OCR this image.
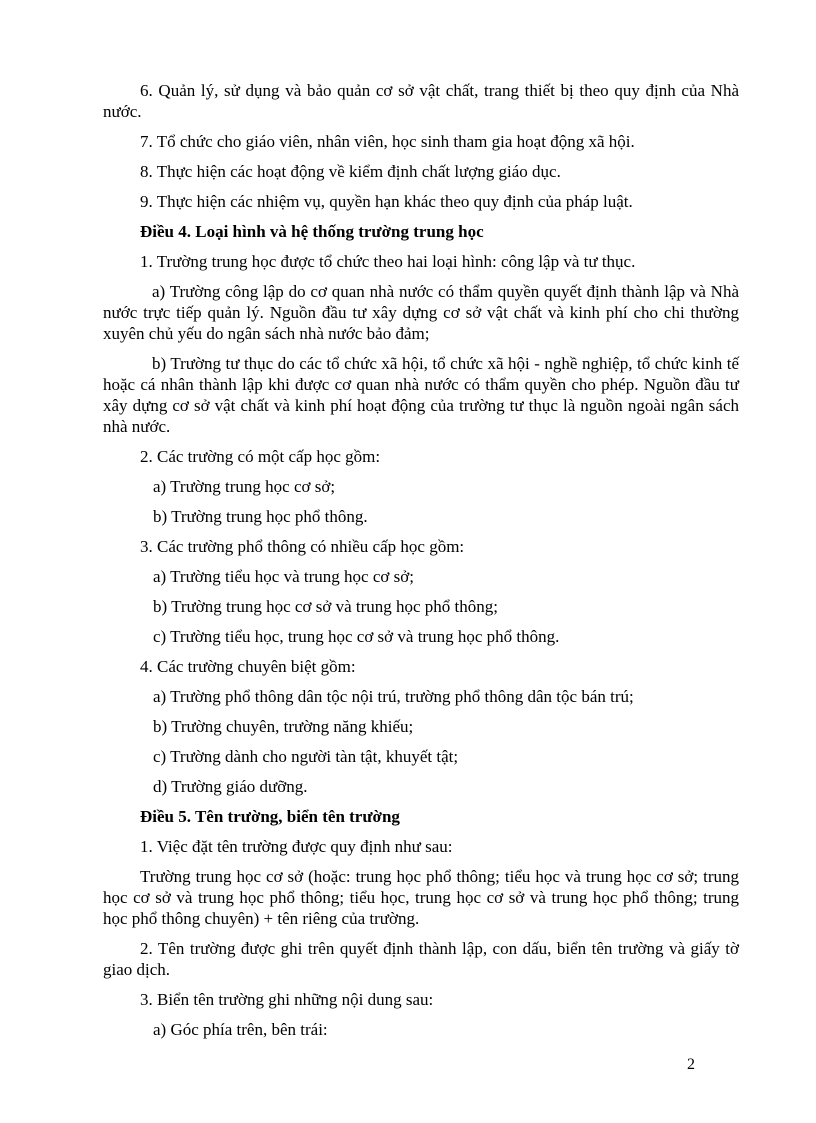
6. Quản lý, sử dụng và bảo quản cơ sở vật chất, trang thiết bị theo quy định của Nhà nước.

7. Tổ chức cho giáo viên, nhân viên, học sinh tham gia hoạt động xã hội.

8. Thực hiện các hoạt động về kiểm định chất lượng giáo dục.

9. Thực hiện các nhiệm vụ, quyền hạn khác theo quy định của pháp luật.

Điều 4. Loại hình và hệ thống trường trung học

1. Trường trung học được tổ chức theo hai loại hình: công lập và tư thục.

a) Trường công lập do cơ quan nhà nước có thẩm quyền quyết định thành lập và Nhà nước trực tiếp quản lý. Nguồn đầu tư xây dựng cơ sở vật chất và kinh phí cho chi thường xuyên chủ yếu do ngân sách nhà nước bảo đảm;

b) Trường tư thục do các tổ chức xã hội, tổ chức xã hội - nghề nghiệp, tổ chức kinh tế hoặc cá nhân thành lập khi được cơ quan nhà nước có thẩm quyền cho phép. Nguồn đầu tư xây dựng cơ sở vật chất và kinh phí hoạt động của trường tư thục là nguồn ngoài ngân sách nhà nước.

2. Các trường có một cấp học gồm:

a) Trường trung học cơ sở;

b) Trường trung học phổ thông.

3. Các trường phổ thông có nhiều cấp học gồm:

a) Trường tiểu học và trung học cơ sở;

b) Trường trung học cơ sở và trung học phổ thông;

c) Trường tiểu học, trung học cơ sở và trung học phổ thông.

4. Các trường chuyên biệt gồm:

a) Trường phổ thông dân tộc nội trú, trường phổ thông dân tộc bán trú;

b) Trường chuyên, trường năng khiếu;

c) Trường dành cho người tàn tật, khuyết tật;

d) Trường giáo dưỡng.

Điều 5. Tên trường, biển tên trường

1. Việc đặt tên trường được quy định như sau:

Trường trung học cơ sở (hoặc: trung học phổ thông; tiểu học và trung học cơ sở; trung học cơ sở và trung học phổ thông; tiểu học, trung học cơ sở và trung học phổ thông; trung học phổ thông chuyên) + tên riêng của trường.

2. Tên trường được ghi trên quyết định thành lập, con dấu, biển tên trường và giấy tờ giao dịch.

3. Biển tên trường ghi những nội dung sau:

a) Góc phía trên, bên trái:

2
